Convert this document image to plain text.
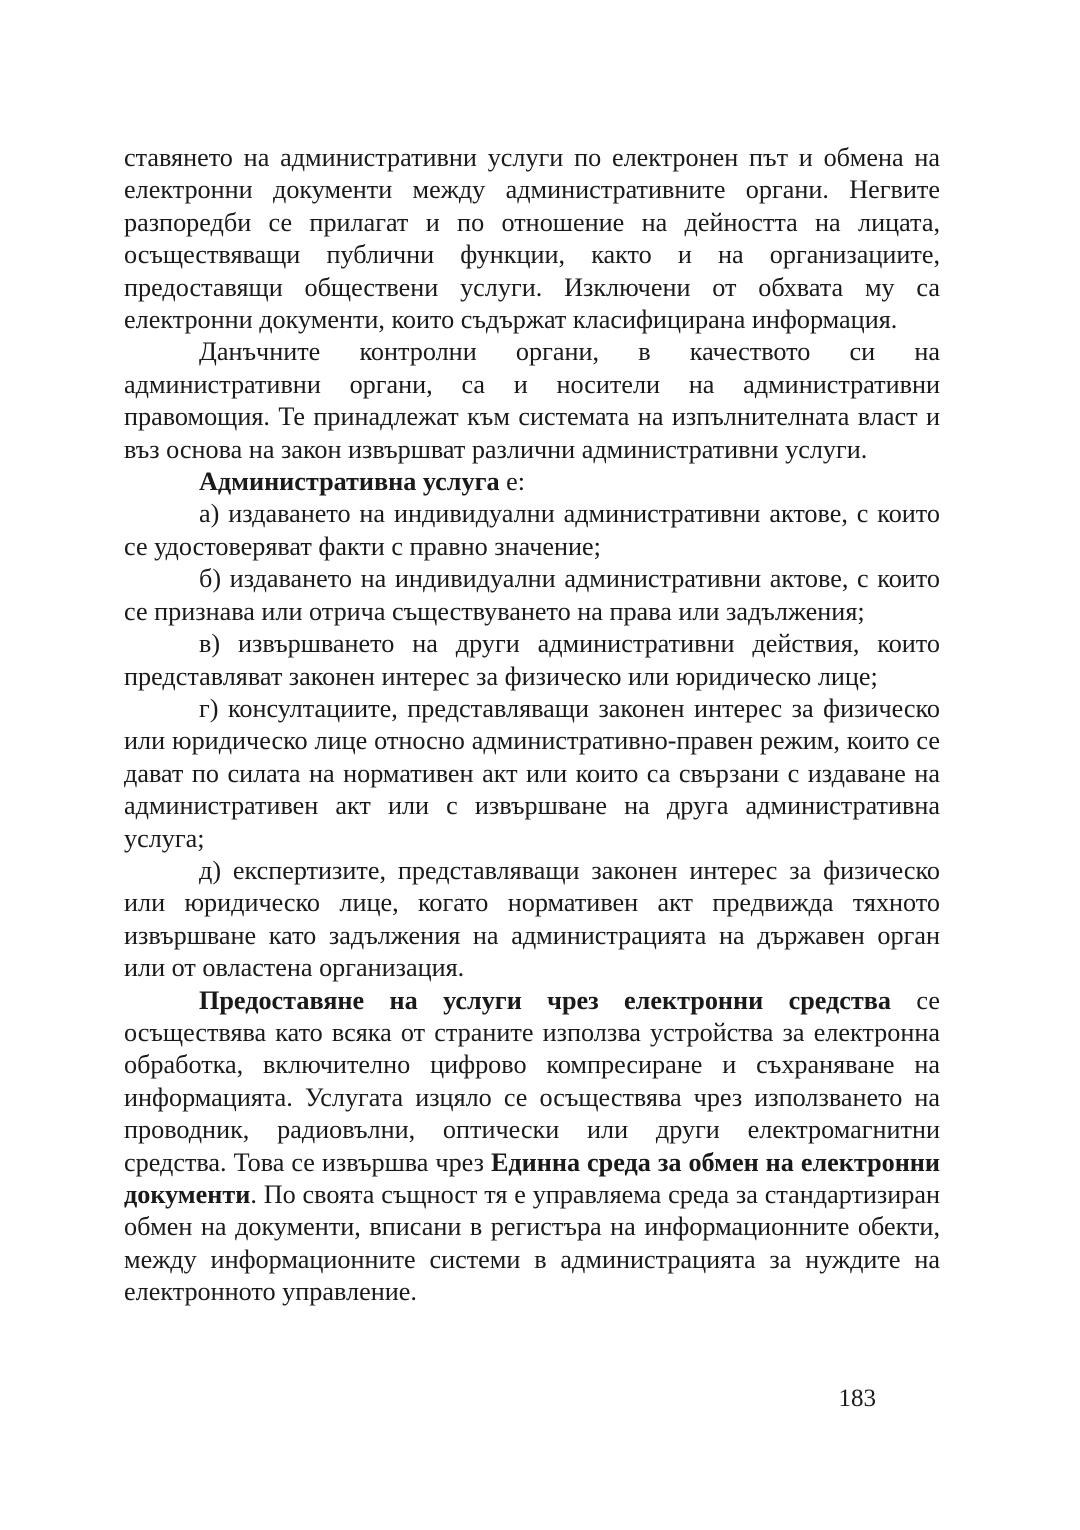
ставянето на административни услуги по електронен път и обмена на електронни документи между административните органи. Негвите разпоредби се прилагат и по отношение на дейността на лицата, осъществяващи публични функции, както и на организациите, предоставящи обществени услуги. Изключени от обхвата му са електронни документи, които съдържат класифицирана информация.

Данъчните контролни органи, в качеството си на административни органи, са и носители на административни правомощия. Те принадлежат към системата на изпълнителната власт и въз основа на закон извършват различни административни услуги.

Административна услуга е:

а) издаването на индивидуални административни актове, с които се удостоверяват факти с правно значение;

б) издаването на индивидуални административни актове, с които се признава или отрича съществуването на права или задължения;

в) извършването на други административни действия, които представляват законен интерес за физическо или юридическо лице;

г) консултациите, представляващи законен интерес за физическо или юридическо лице относно административно-правен режим, които се дават по силата на нормативен акт или които са свързани с издаване на административен акт или с извършване на друга административна услуга;

д) експертизите, представляващи законен интерес за физическо или юридическо лице, когато нормативен акт предвижда тяхното извършване като задължения на администрацията на държавен орган или от овластена организация.

Предоставяне на услуги чрез електронни средства се осъществява като всяка от страните използва устройства за електронна обработка, включително цифрово компресиране и съхраняване на информацията. Услугата изцяло се осъществява чрез използването на проводник, радиовълни, оптически или други електромагнитни средства. Това се извършва чрез Единна среда за обмен на електронни документи. По своята същност тя е управляема среда за стандартизиран обмен на документи, вписани в регистъра на информационните обекти, между информационните системи в администрацията за нуждите на електронното управление.

183
